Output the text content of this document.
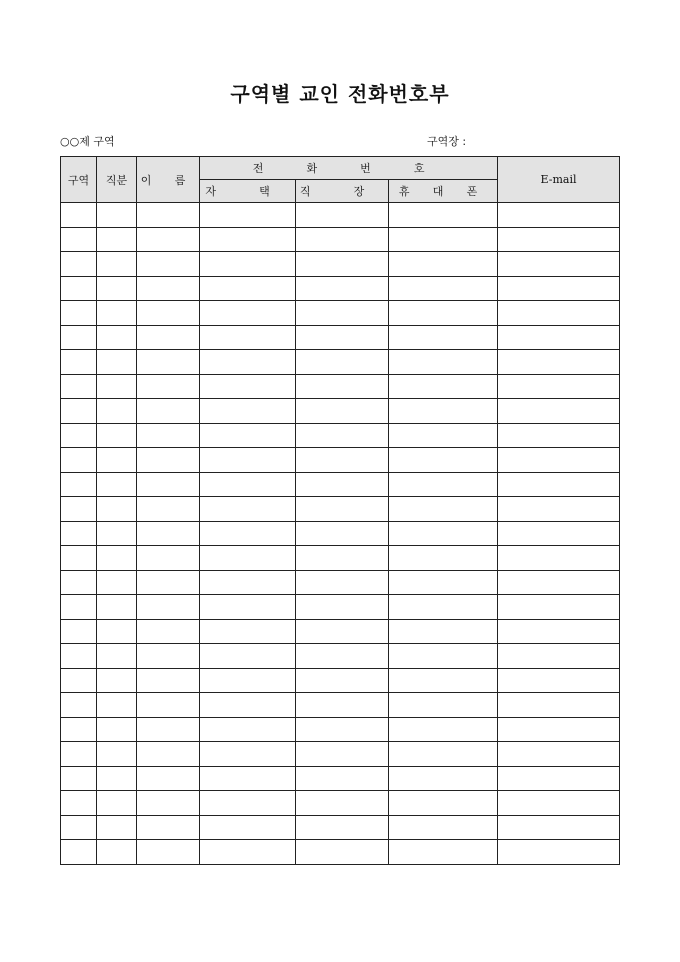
구역별 교인 전화번호부
○○제 구역	구역장 :
구역	직분	이 름	전 화 번 호			E-mail
			자 택	직 장	휴 대 폰	
